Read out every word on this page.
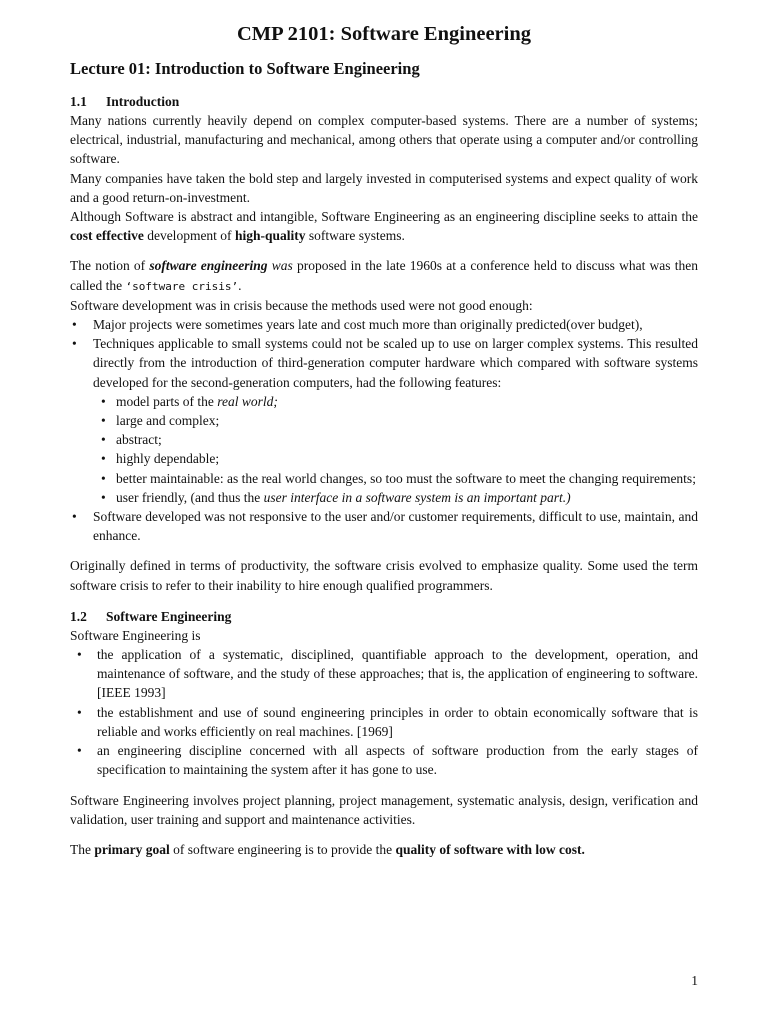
CMP 2101: Software Engineering
Lecture 01: Introduction to Software Engineering
1.1 Introduction

Many nations currently heavily depend on complex computer-based systems. There are a number of systems; electrical, industrial, manufacturing and mechanical, among others that operate using a computer and/or controlling software.

Many companies have taken the bold step and largely invested in computerised systems and expect quality of work and a good return-on-investment.

Although Software is abstract and intangible, Software Engineering as an engineering discipline seeks to attain the cost effective development of high-quality software systems.

The notion of software engineering was proposed in the late 1960s at a conference held to discuss what was then called the ‘software crisis’.

Software development was in crisis because the methods used were not good enough:

• Major projects were sometimes years late and cost much more than originally predicted(over budget),
• Techniques applicable to small systems could not be scaled up to use on larger complex systems. This resulted directly from the introduction of third-generation computer hardware which compared with software systems developed for the second-generation computers, had the following features:
• model parts of the real world;
• large and complex;
• abstract;
• highly dependable;
• better maintainable: as the real world changes, so too must the software to meet the changing requirements;
• user friendly, (and thus the user interface in a software system is an important part.)
• Software developed was not responsive to the user and/or customer requirements, difficult to use, maintain, and enhance.

Originally defined in terms of productivity, the software crisis evolved to emphasize quality. Some used the term software crisis to refer to their inability to hire enough qualified programmers.

1.2 Software Engineering

Software Engineering is

• the application of a systematic, disciplined, quantifiable approach to the development, operation, and maintenance of software, and the study of these approaches; that is, the application of engineering to software. [IEEE 1993]
• the establishment and use of sound engineering principles in order to obtain economically software that is reliable and works efficiently on real machines. [1969]
• an engineering discipline concerned with all aspects of software production from the early stages of specification to maintaining the system after it has gone to use.

Software Engineering involves project planning, project management, systematic analysis, design, verification and validation, user training and support and maintenance activities.

The primary goal of software engineering is to provide the quality of software with low cost.

1
